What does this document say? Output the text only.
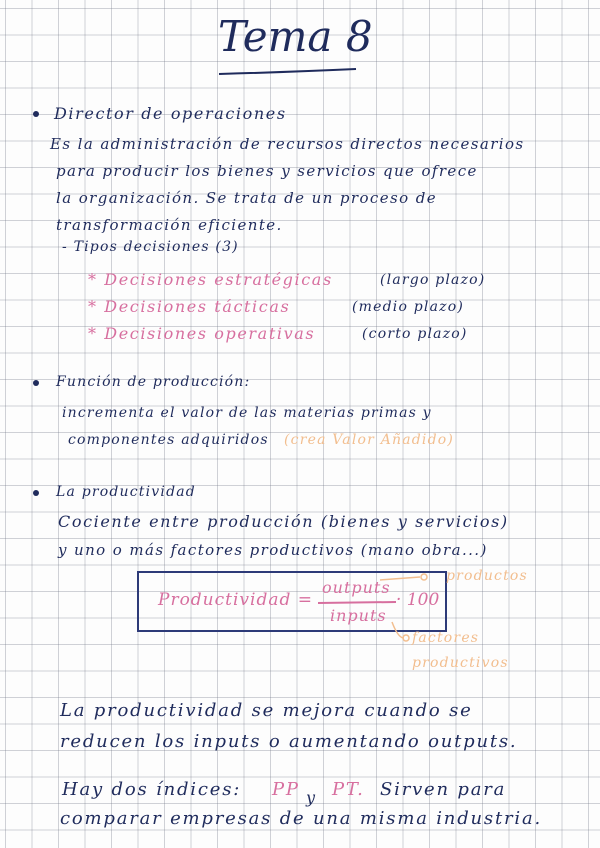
Tema 8
Director de operaciones
Es la administración de recursos directos necesarios
para producir los bienes y servicios que ofrece
la organización. Se trata de un proceso de
transformación eficiente.
- Tipos decisiones (3)
* Decisiones estratégicas	(largo plazo)
* Decisiones tácticas	(medio plazo)
* Decisiones operativas	(corto plazo)
Función de producción:
incrementa el valor de las materias primas y
componentes adquiridos (crea Valor Añadido)
La productividad
Cociente entre producción (bienes y servicios)
y uno o más factores productivos (mano obra...)
Productividad =
outputs
inputs
· 100
productos
factores
productivos
La productividad se mejora cuando se
reducen los inputs o aumentando outputs.
Hay dos índices: PP y PT. Sirven para
comparar empresas de una misma industria.
